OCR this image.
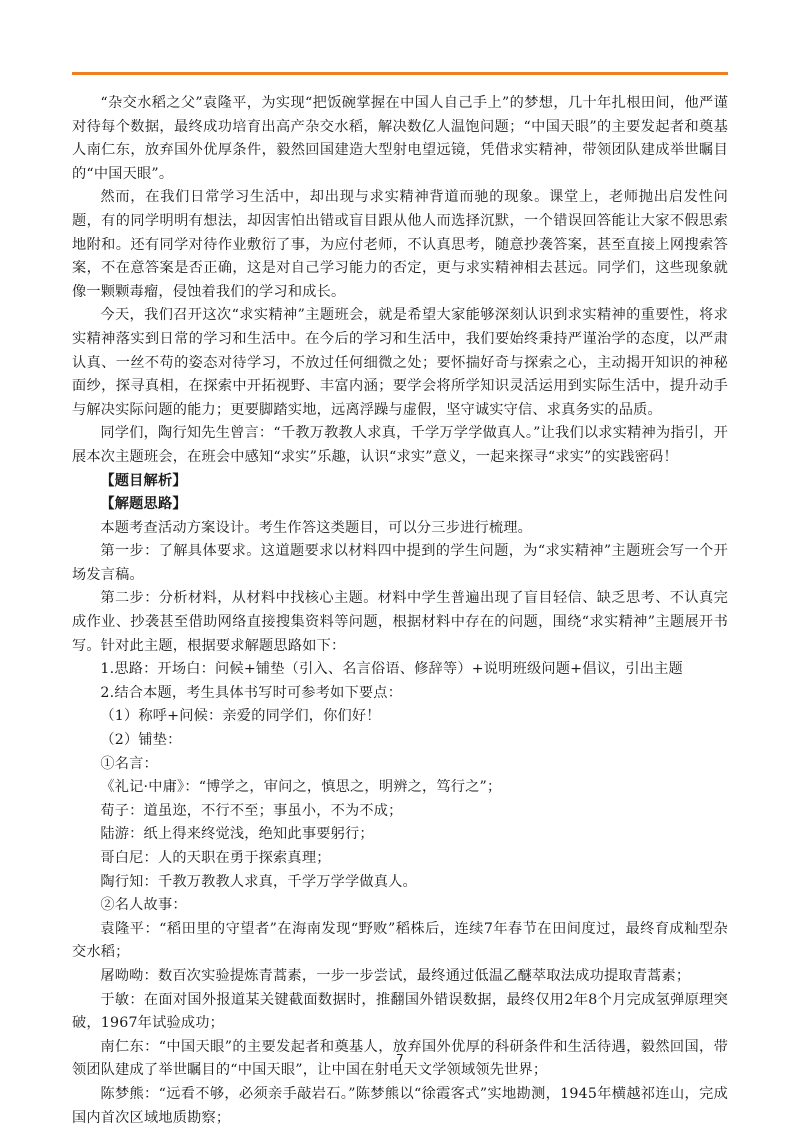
“杂交水稻之父”袁隆平，为实现“把饭碗掌握在中国人自己手上”的梦想，几十年扎根田间，他严谨对待每个数据，最终成功培育出高产杂交水稻，解决数亿人温饱问题；“中国天眼”的主要发起者和奠基人南仁东，放弃国外优厚条件，毅然回国建造大型射电望远镜，凭借求实精神，带领团队建成举世瞩目的“中国天眼”。

然而，在我们日常学习生活中，却出现与求实精神背道而驰的现象。课堂上，老师抛出启发性问题，有的同学明明有想法，却因害怕出错或盲目跟从他人而选择沉默，一个错误回答能让大家不假思索地附和。还有同学对待作业敷衍了事，为应付老师，不认真思考，随意抄袭答案，甚至直接上网搜索答案，不在意答案是否正确，这是对自己学习能力的否定，更与求实精神相去甚远。同学们，这些现象就像一颗颗毒瘤，侵蚀着我们的学习和成长。

今天，我们召开这次“求实精神”主题班会，就是希望大家能够深刻认识到求实精神的重要性，将求实精神落实到日常的学习和生活中。在今后的学习和生活中，我们要始终秉持严谨治学的态度，以严肃认真、一丝不苟的姿态对待学习，不放过任何细微之处；要怀揣好奇与探索之心，主动揭开知识的神秘面纱，探寻真相，在探索中开拓视野、丰富内涵；要学会将所学知识灵活运用到实际生活中，提升动手与解决实际问题的能力；更要脚踏实地，远离浮躁与虚假，坚守诚实守信、求真务实的品质。

同学们，陶行知先生曾言：“千教万教教人求真，千学万学学做真人。”让我们以求实精神为指引，开展本次主题班会，在班会中感知“求实”乐趣，认识“求实”意义，一起来探寻“求实”的实践密码！

【题目解析】

【解题思路】

本题考查活动方案设计。考生作答这类题目，可以分三步进行梳理。

第一步：了解具体要求。这道题要求以材料四中提到的学生问题，为“求实精神”主题班会写一个开场发言稿。

第二步：分析材料，从材料中找核心主题。材料中学生普遍出现了盲目轻信、缺乏思考、不认真完成作业、抄袭甚至借助网络直接搜集资料等问题，根据材料中存在的问题，围绕“求实精神”主题展开书写。针对此主题，根据要求解题思路如下：

1.思路：开场白：问候+铺垫（引入、名言俗语、修辞等）+说明班级问题+倡议，引出主题

2.结合本题，考生具体书写时可参考如下要点：

（1）称呼+问候：亲爱的同学们，你们好！

（2）铺垫：

①名言：

《礼记·中庸》：“博学之，审问之，慎思之，明辨之，笃行之”；

荀子：道虽迩，不行不至；事虽小，不为不成；

陆游：纸上得来终觉浅，绝知此事要躬行；

哥白尼：人的天职在勇于探索真理；

陶行知：千教万教教人求真，千学万学学做真人。

②名人故事：

袁隆平：“稻田里的守望者”在海南发现“野败”稻株后，连续7年春节在田间度过，最终育成籼型杂交水稻；

屠呦呦：数百次实验提炼青蒿素，一步一步尝试，最终通过低温乙醚萃取法成功提取青蒿素；

于敏：在面对国外报道某关键截面数据时，推翻国外错误数据，最终仅用2年8个月完成氢弹原理突破，1967年试验成功；

南仁东：“中国天眼”的主要发起者和奠基人，放弃国外优厚的科研条件和生活待遇，毅然回国，带领团队建成了举世瞩目的“中国天眼”，让中国在射电天文学领域领先世界；

陈梦熊：“远看不够，必须亲手敲岩石。”陈梦熊以“徐霞客式”实地勘测，1945年横越祁连山，完成国内首次区域地质勘察；

7
